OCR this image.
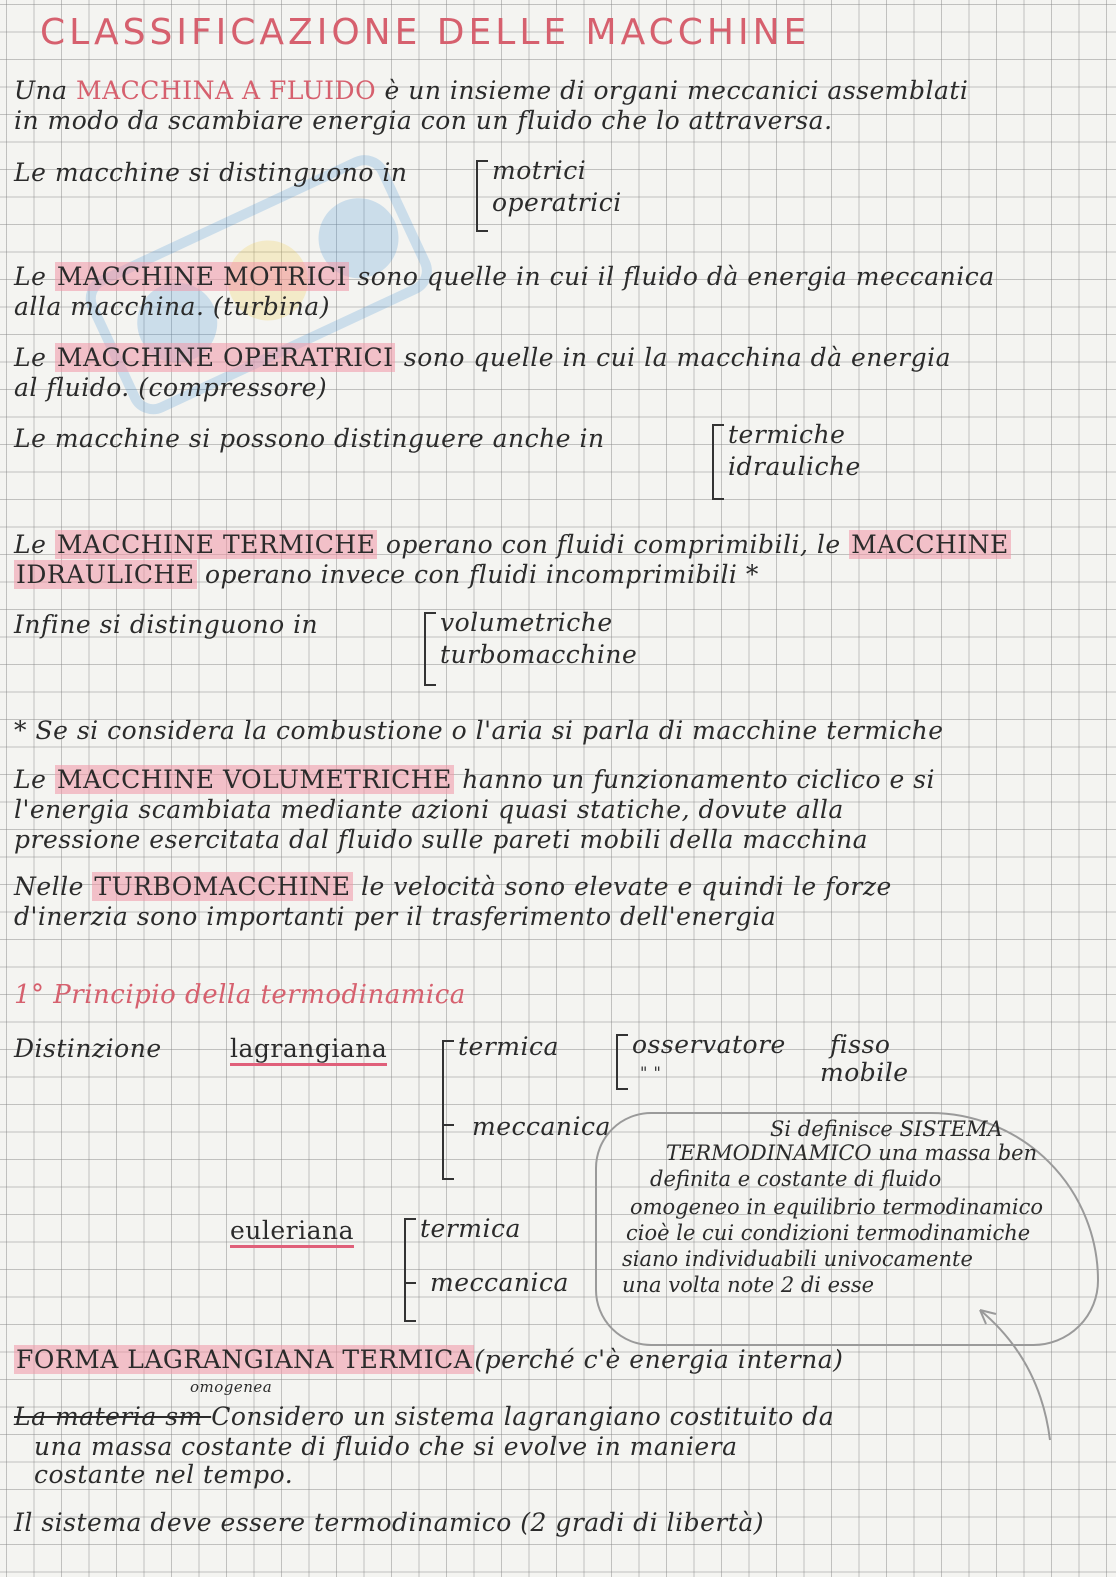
CLASSIFICAZIONE DELLE MACCHINE
Una MACCHINA A FLUIDO è un insieme di organi meccanici assemblati
in modo da scambiare energia con un fluido che lo attraversa.
Le macchine si distinguono in	motrici
operatrici
Le MACCHINE MOTRICI sono quelle in cui il fluido dà energia meccanica
alla macchina. (turbina)
Le MACCHINE OPERATRICI sono quelle in cui la macchina dà energia
al fluido. (compressore)
Le macchine si possono distinguere anche in	termiche
idrauliche
Le MACCHINE TERMICHE operano con fluidi comprimibili, le MACCHINE
IDRAULICHE operano invece con fluidi incomprimibili *
Infine si distinguono in	volumetriche
turbomacchine
* Se si considera la combustione o l'aria si parla di macchine termiche
Le MACCHINE VOLUMETRICHE hanno un funzionamento ciclico e si
l'energia scambiata mediante azioni quasi statiche, dovute alla
pressione esercitata dal fluido sulle pareti mobili della macchina
Nelle TURBOMACCHINE le velocità sono elevate e quindi le forze
d'inerzia sono importanti per il trasferimento dell'energia
1° Principio della termodinamica
Distinzione	lagrangiana	termica
meccanica
osservatore
" "
fisso
mobile
euleriana	termica
meccanica
Si definisce SISTEMA
TERMODINAMICO una massa ben
definita e costante di fluido
omogeneo in equilibrio termodinamico
cioè le cui condizioni termodinamiche
siano individuabili univocamente
una volta note 2 di esse
FORMA LAGRANGIANA TERMICA(perché c'è energia interna)
omogenea
La materia sm Considero un sistema lagrangiano costituito da
una massa costante di fluido che si evolve in maniera
costante nel tempo.
Il sistema deve essere termodinamico (2 gradi di libertà)
